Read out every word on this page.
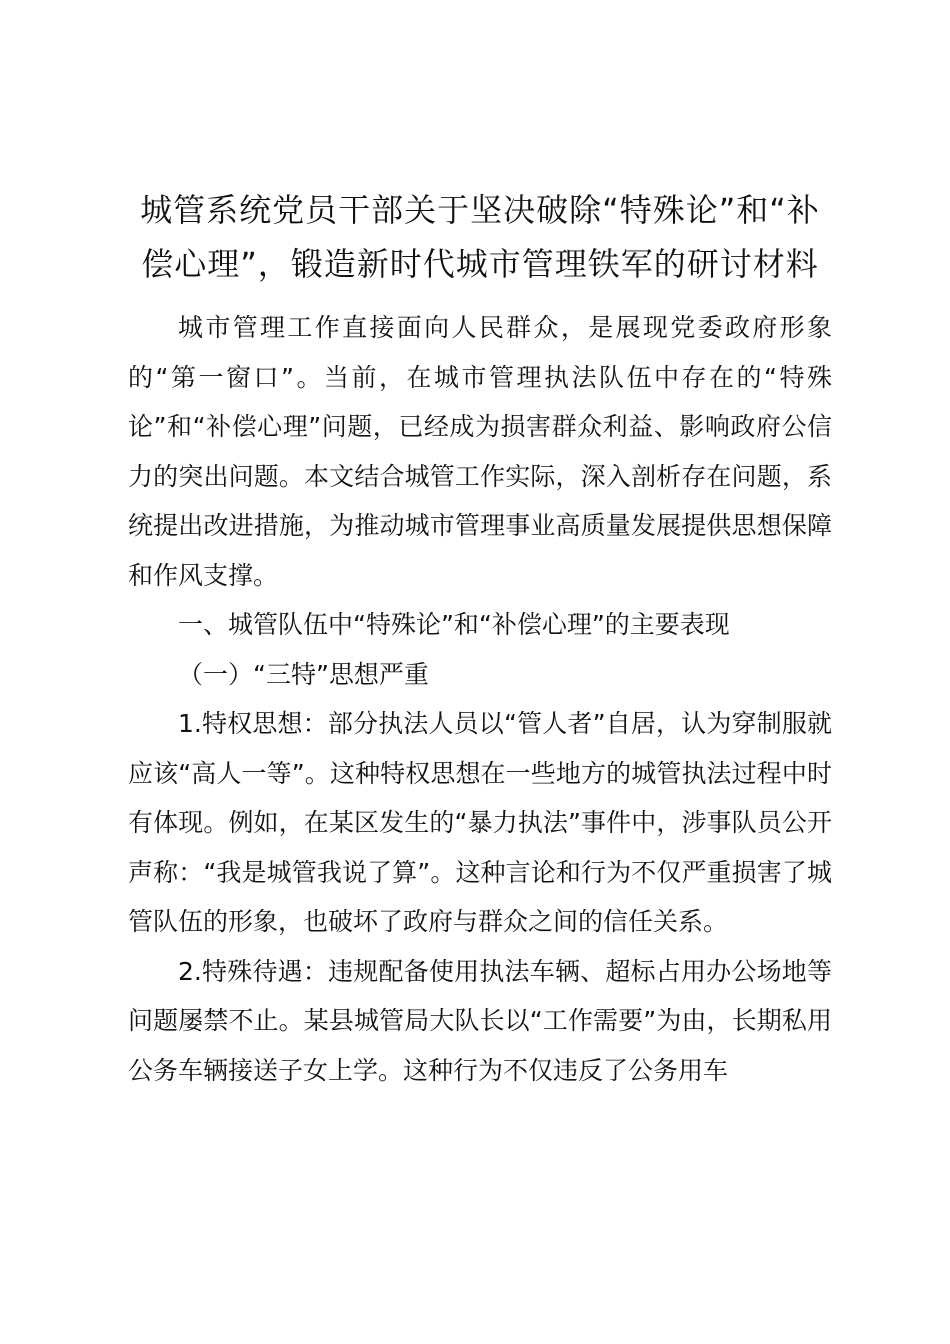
城管系统党员干部关于坚决破除“特殊论”和“补偿心理”，锻造新时代城市管理铁军的研讨材料

城市管理工作直接面向人民群众，是展现党委政府形象的“第一窗口”。当前，在城市管理执法队伍中存在的“特殊论”和“补偿心理”问题，已经成为损害群众利益、影响政府公信力的突出问题。本文结合城管工作实际，深入剖析存在问题，系统提出改进措施，为推动城市管理事业高质量发展提供思想保障和作风支撑。

一、城管队伍中“特殊论”和“补偿心理”的主要表现

（一）“三特”思想严重

1.特权思想：部分执法人员以“管人者”自居，认为穿制服就应该“高人一等”。这种特权思想在一些地方的城管执法过程中时有体现。例如，在某区发生的“暴力执法”事件中，涉事队员公开声称：“我是城管我说了算”。这种言论和行为不仅严重损害了城管队伍的形象，也破坏了政府与群众之间的信任关系。

2.特殊待遇：违规配备使用执法车辆、超标占用办公场地等问题屡禁不止。某县城管局大队长以“工作需要”为由，长期私用公务车辆接送子女上学。这种行为不仅违反了公务用车
